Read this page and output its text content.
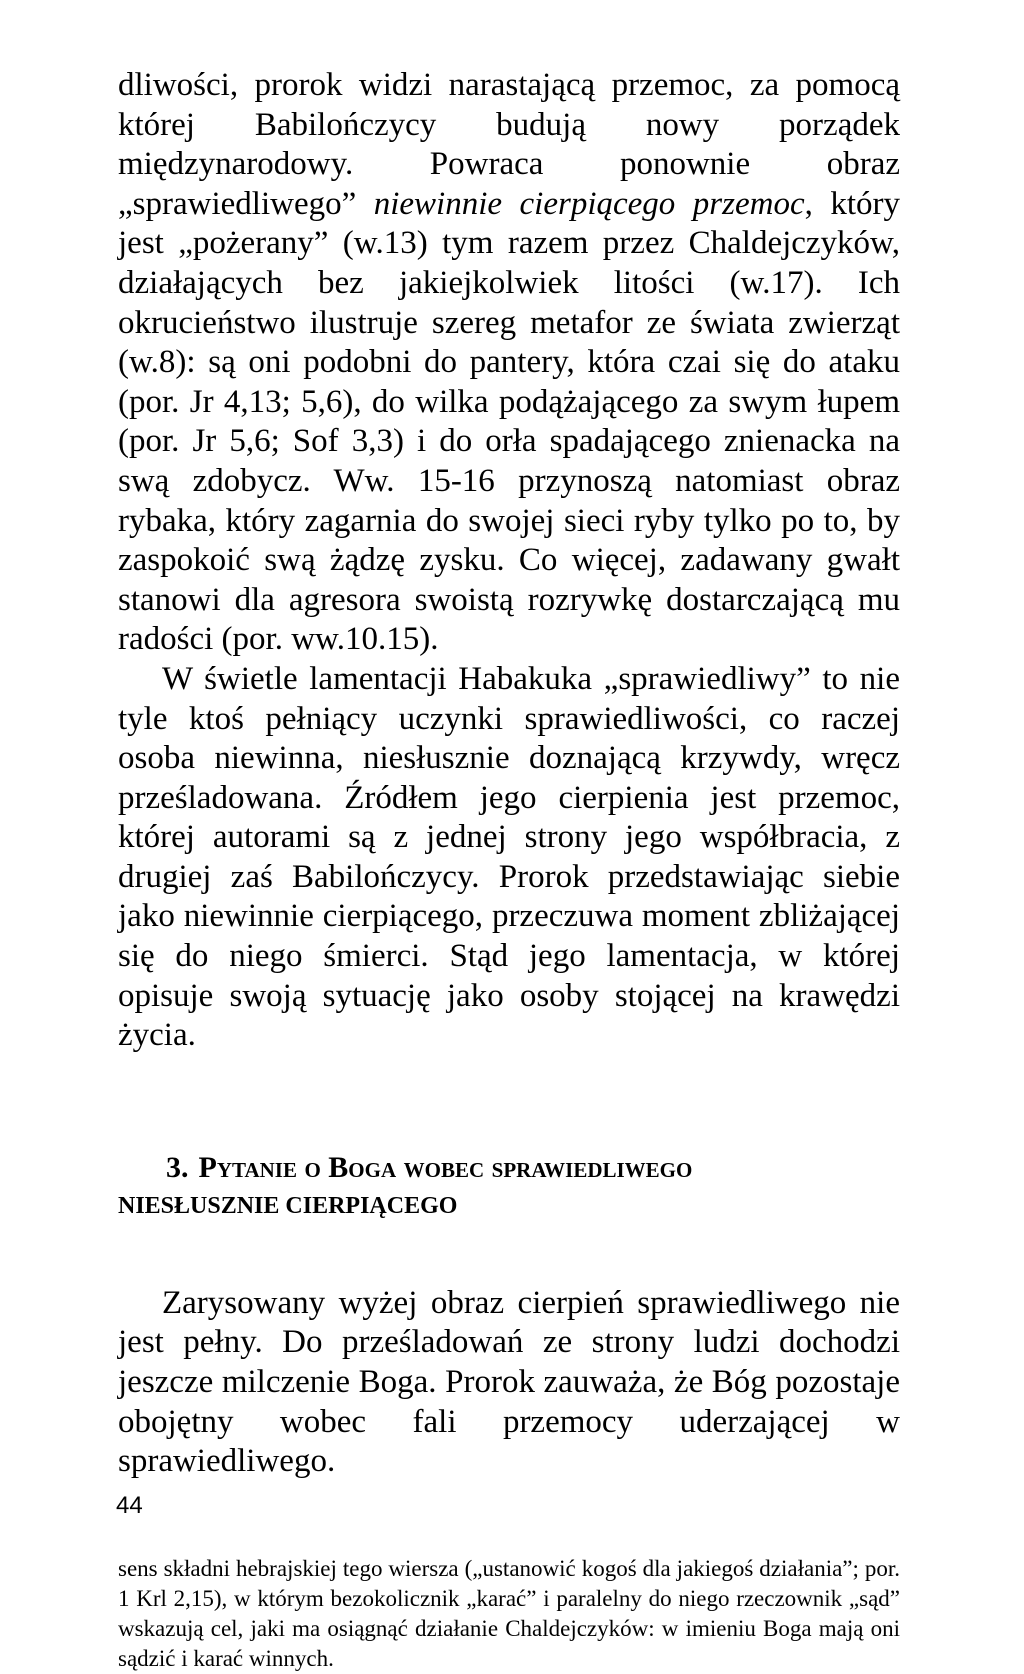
dliwości, prorok widzi narastającą przemoc, za pomocą której Babilończycy budują nowy porządek międzynarodowy. Powraca ponownie obraz „sprawiedliwego” niewinnie cierpiącego przemoc, który jest „pożerany” (w.13) tym razem przez Chaldejczyków, działających bez jakiejkolwiek litości (w.17). Ich okrucieństwo ilustruje szereg metafor ze świata zwierząt (w.8): są oni podobni do pantery, która czai się do ataku (por. Jr 4,13; 5,6), do wilka podążającego za swym łupem (por. Jr 5,6; Sof 3,3) i do orła spadającego znienacka na swą zdobycz. Ww. 15-16 przynoszą natomiast obraz rybaka, który zagarnia do swojej sieci ryby tylko po to, by zaspokoić swą żądzę zysku. Co więcej, zadawany gwałt stanowi dla agresora swoistą rozrywkę dostarczającą mu radości (por. ww.10.15).

W świetle lamentacji Habakuka „sprawiedliwy” to nie tyle ktoś pełniący uczynki sprawiedliwości, co raczej osoba niewinna, niesłusznie doznającą krzywdy, wręcz prześladowana. Źródłem jego cierpienia jest przemoc, której autorami są z jednej strony jego współbracia, z drugiej zaś Babilończycy. Prorok przedstawiając siebie jako niewinnie cierpiącego, przeczuwa moment zbliżającej się do niego śmierci. Stąd jego lamentacja, w której opisuje swoją sytuację jako osoby stojącej na krawędzi życia.

3. Pytanie o Boga wobec sprawiedliwego
NIESŁUSZNIE CIERPIĄCEGO

Zarysowany wyżej obraz cierpień sprawiedliwego nie jest pełny. Do prześladowań ze strony ludzi dochodzi jeszcze milczenie Boga. Prorok zauważa, że Bóg pozostaje obojętny wobec fali przemocy uderzającej w sprawiedliwego.

sens składni hebrajskiej tego wiersza („ustanowić kogoś dla jakiegoś działania”; por. 1 Krl 2,15), w którym bezokolicznik „karać” i paralelny do niego rzeczownik „sąd” wskazują cel, jaki ma osiągnąć działanie Chaldejczyków: w imieniu Boga mają oni sądzić i karać winnych.
44
